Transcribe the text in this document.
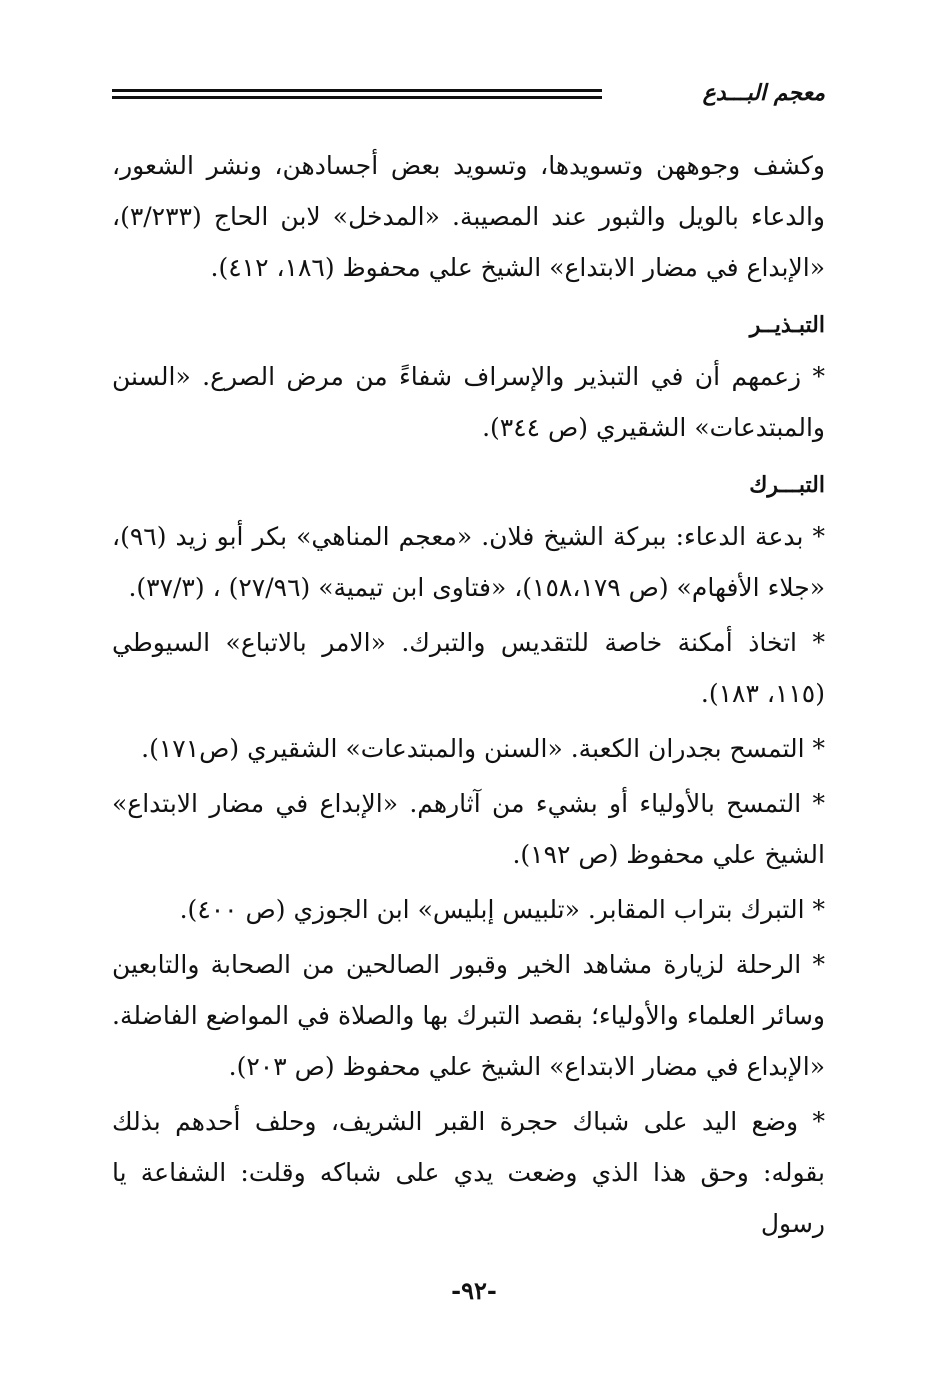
معجم البـــدع

وكشف وجوههن وتسويدها، وتسويد بعض أجسادهن، ونشر الشعور، والدعاء بالويل والثبور عند المصيبة. «المدخل» لابن الحاج (٣/٢٣٣)، «الإبداع في مضار الابتداع» الشيخ علي محفوظ (١٨٦، ٤١٢).

التبـذيــر

* زعمهم أن في التبذير والإسراف شفاءً من مرض الصرع. «السنن والمبتدعات» الشقيري (ص ٣٤٤).

التبـــرك

* بدعة الدعاء: ببركة الشيخ فلان. «معجم المناهي» بكر أبو زيد (٩٦)، «جلاء الأفهام» (ص ١٥٨،١٧٩)، «فتاوى ابن تيمية» (٢٧/٩٦) ، (٣٧/٣).

* اتخاذ أمكنة خاصة للتقديس والتبرك. «الامر بالاتباع» السيوطي (١١٥، ١٨٣).

* التمسح بجدران الكعبة. «السنن والمبتدعات» الشقيري (ص١٧١).

* التمسح بالأولياء أو بشيء من آثارهم. «الإبداع في مضار الابتداع» الشيخ علي محفوظ (ص ١٩٢).

* التبرك بتراب المقابر. «تلبيس إبليس» ابن الجوزي (ص ٤٠٠).

* الرحلة لزيارة مشاهد الخير وقبور الصالحين من الصحابة والتابعين وسائر العلماء والأولياء؛ بقصد التبرك بها والصلاة في المواضع الفاضلة. «الإبداع في مضار الابتداع» الشيخ علي محفوظ (ص ٢٠٣).

* وضع اليد على شباك حجرة القبر الشريف، وحلف أحدهم بذلك بقوله: وحق هذا الذي وضعت يدي على شباكه وقلت: الشفاعة يا رسول

-٩٢-
